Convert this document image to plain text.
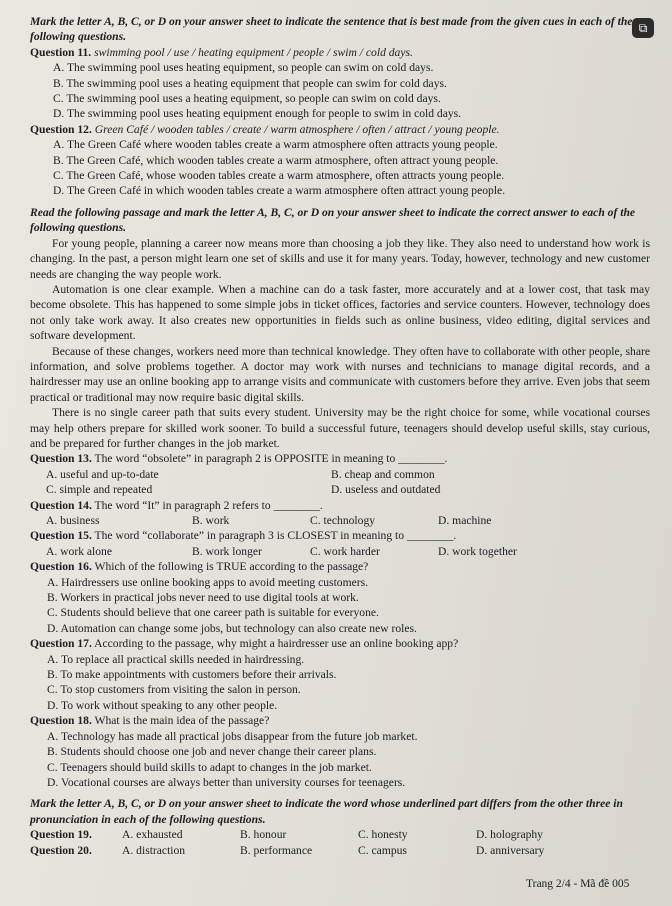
Mark the letter A, B, C, or D on your answer sheet to indicate the sentence that is best made from the given cues in each of the following questions.

Question 11. swimming pool / use / heating equipment / people / swim / cold days.

A. The swimming pool uses heating equipment, so people can swim on cold days.

B. The swimming pool uses a heating equipment that people can swim for cold days.

C. The swimming pool uses a heating equipment, so people can swim on cold days.

D. The swimming pool uses heating equipment enough for people to swim in cold days.

Question 12. Green Café / wooden tables / create / warm atmosphere / often / attract / young people.

A. The Green Café where wooden tables create a warm atmosphere often attracts young people.

B. The Green Café, which wooden tables create a warm atmosphere, often attract young people.

C. The Green Café, whose wooden tables create a warm atmosphere, often attracts young people.

D. The Green Café in which wooden tables create a warm atmosphere often attract young people.

Read the following passage and mark the letter A, B, C, or D on your answer sheet to indicate the correct answer to each of the following questions.

For young people, planning a career now means more than choosing a job they like. They also need to understand how work is changing. In the past, a person might learn one set of skills and use it for many years. Today, however, technology and new customer needs are changing the way people work.

Automation is one clear example. When a machine can do a task faster, more accurately and at a lower cost, that task may become obsolete. This has happened to some simple jobs in ticket offices, factories and service counters. However, technology does not only take work away. It also creates new opportunities in fields such as online business, video editing, digital services and software development.

Because of these changes, workers need more than technical knowledge. They often have to collaborate with other people, share information, and solve problems together. A doctor may work with nurses and technicians to manage digital records, and a hairdresser may use an online booking app to arrange visits and communicate with customers before they arrive. Even jobs that seem practical or traditional may now require basic digital skills.

There is no single career path that suits every student. University may be the right choice for some, while vocational courses may help others prepare for skilled work sooner. To build a successful future, teenagers should develop useful skills, stay curious, and be prepared for further changes in the job market.

Question 13. The word “obsolete” in paragraph 2 is OPPOSITE in meaning to ________.

A. useful and up-to-date	B. cheap and common
C. simple and repeated	D. useless and outdated

Question 14. The word “It” in paragraph 2 refers to ________.

A. business	B. work	C. technology	D. machine

Question 15. The word “collaborate” in paragraph 3 is CLOSEST in meaning to ________.

A. work alone	B. work longer	C. work harder	D. work together

Question 16. Which of the following is TRUE according to the passage?

A. Hairdressers use online booking apps to avoid meeting customers.

B. Workers in practical jobs never need to use digital tools at work.

C. Students should believe that one career path is suitable for everyone.

D. Automation can change some jobs, but technology can also create new roles.

Question 17. According to the passage, why might a hairdresser use an online booking app?

A. To replace all practical skills needed in hairdressing.

B. To make appointments with customers before their arrivals.

C. To stop customers from visiting the salon in person.

D. To work without speaking to any other people.

Question 18. What is the main idea of the passage?

A. Technology has made all practical jobs disappear from the future job market.

B. Students should choose one job and never change their career plans.

C. Teenagers should build skills to adapt to changes in the job market.

D. Vocational courses are always better than university courses for teenagers.

Mark the letter A, B, C, or D on your answer sheet to indicate the word whose underlined part differs from the other three in pronunciation in each of the following questions.

Question 19.	A. exhausted	B. honour	C. honesty	D. holography
Question 20.	A. distraction	B. performance	C. campus	D. anniversary
Trang 2/4 - Mã đề 005
⧉
